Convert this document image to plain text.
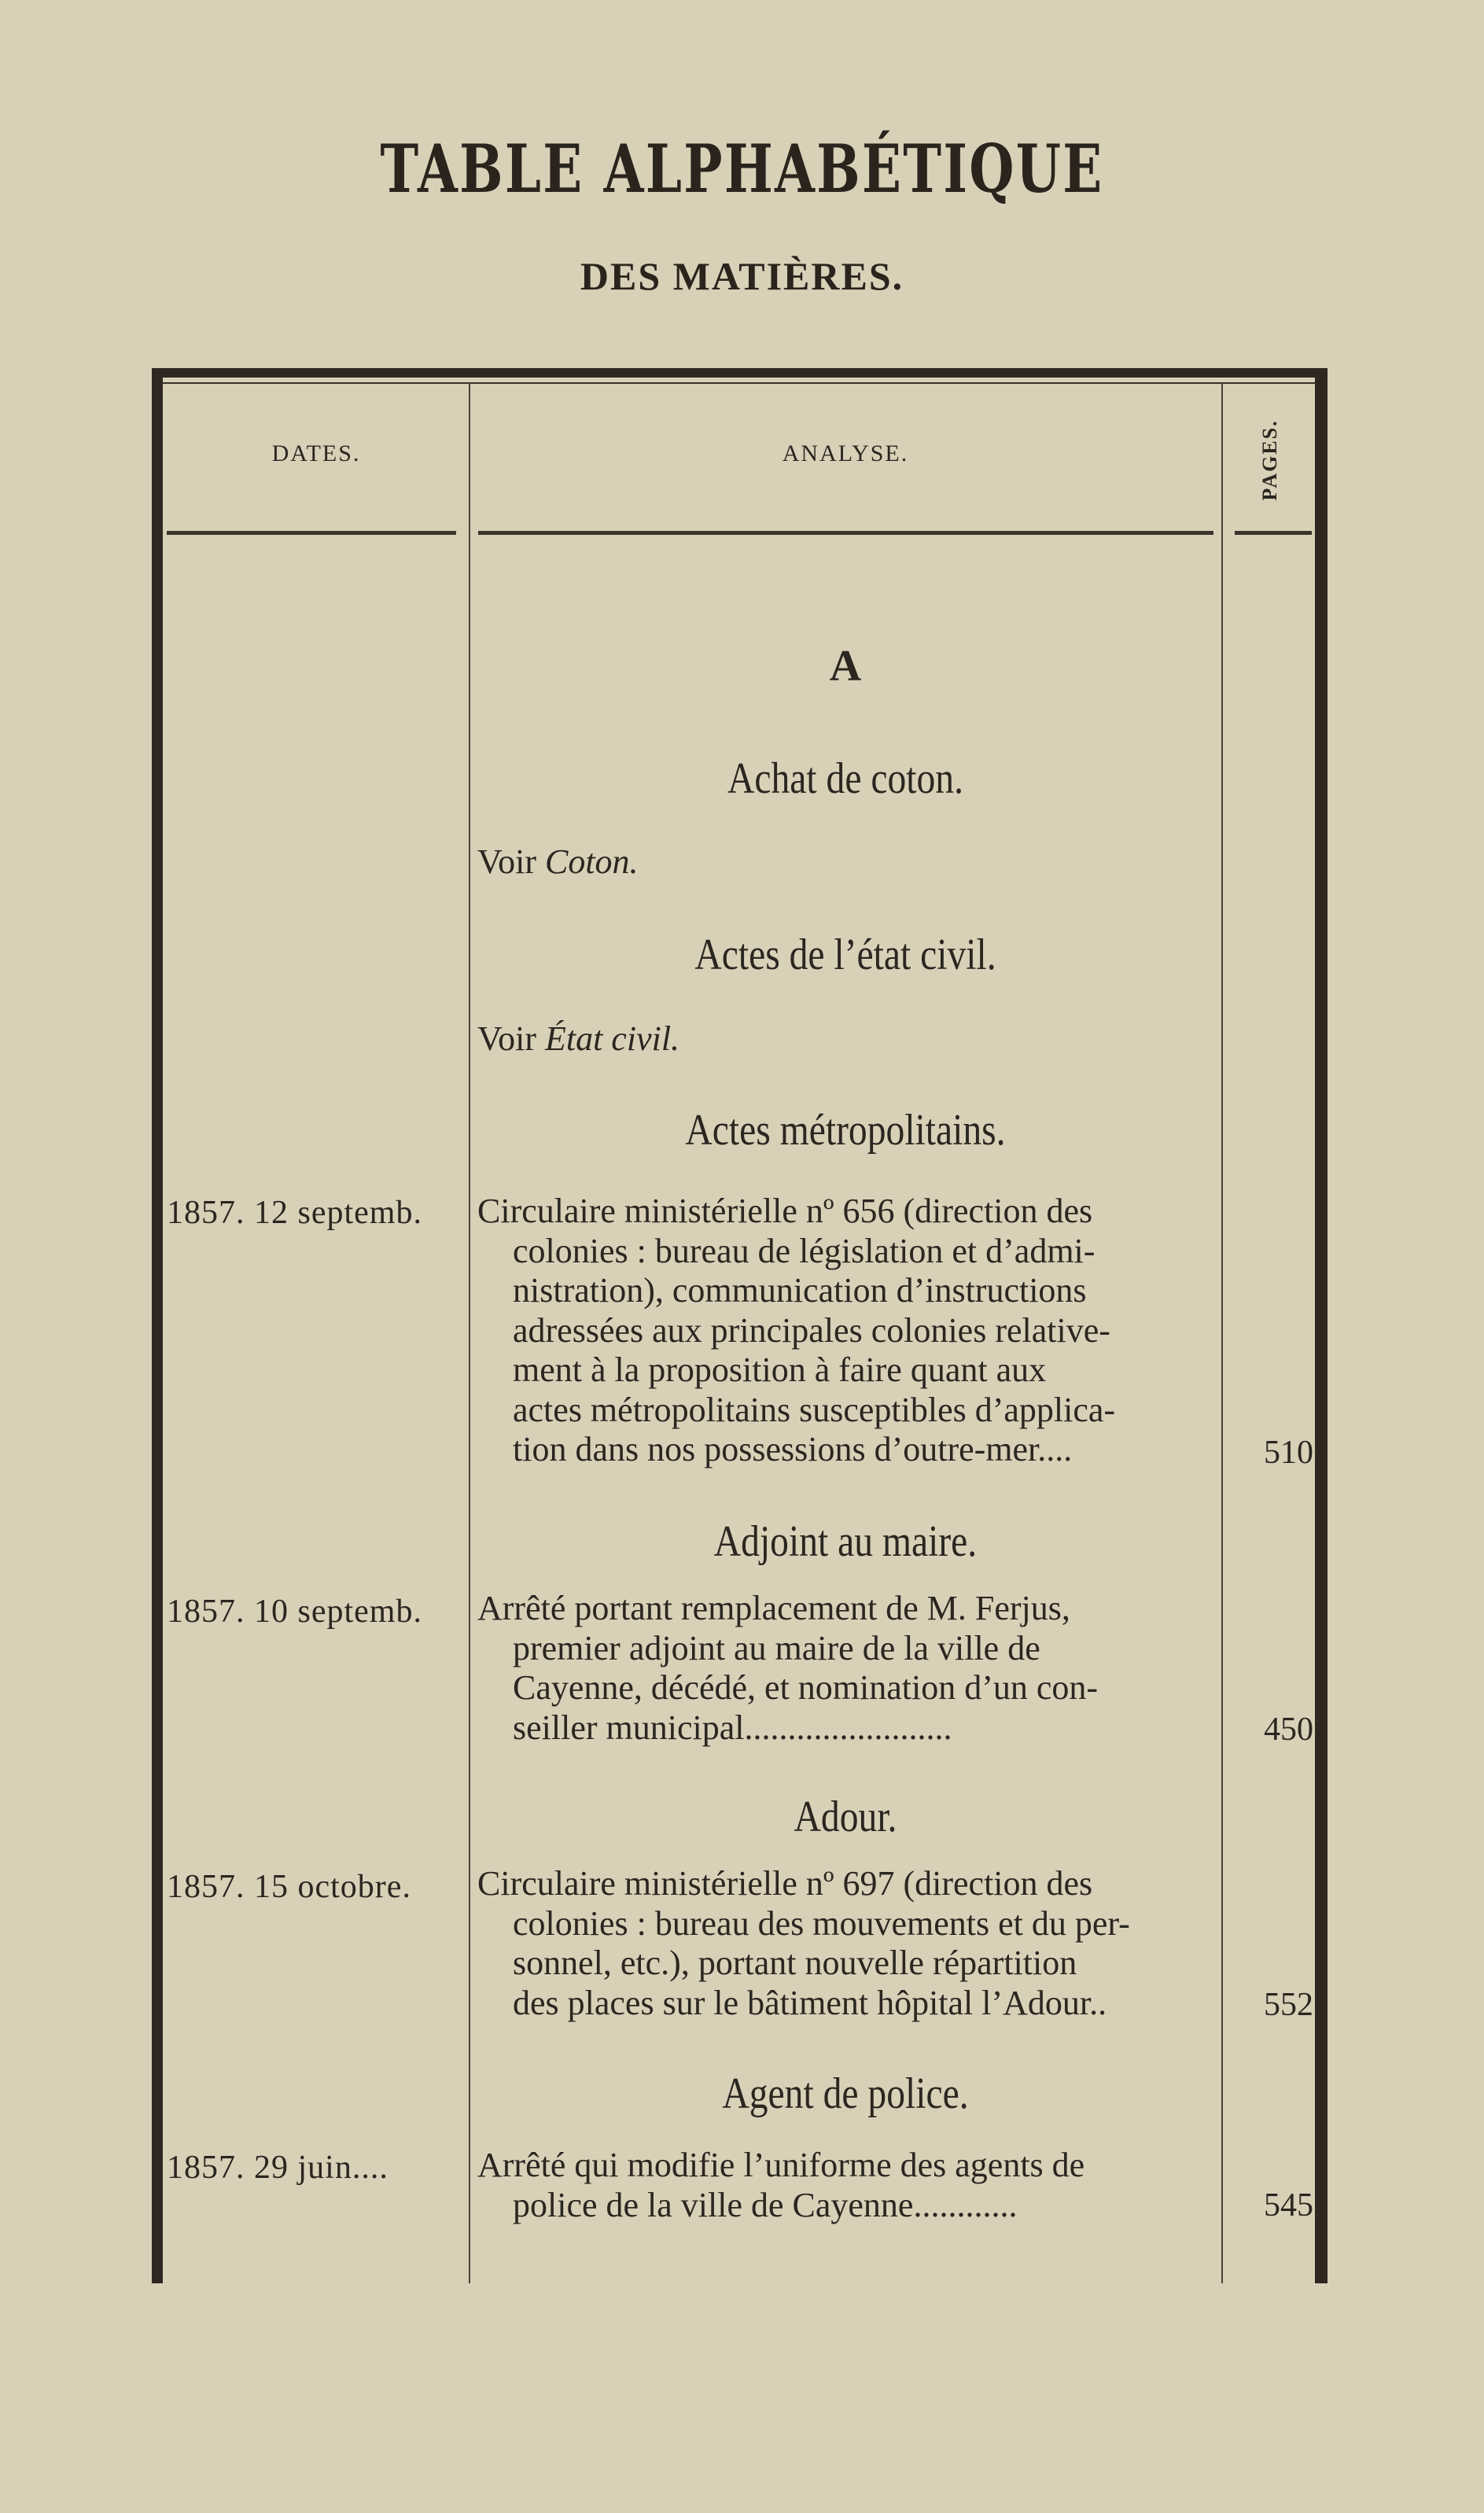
TABLE ALPHABÉTIQUE
DES MATIÈRES.
DATES.	ANALYSE.	PAGES.
A
Achat de coton.
Voir Coton.
Actes de l’état civil.
Voir État civil.
Actes métropolitains.
1857. 12 septemb.	Circulaire ministérielle nº 656 (direction des
colonies : bureau de législation et d’admi-
nistration), communication d’instructions
adressées aux principales colonies relative-
ment à la proposition à faire quant aux
actes métropolitains susceptibles d’applica-
tion dans nos possessions d’outre-mer....	510
Adjoint au maire.
1857. 10 septemb.	Arrêté portant remplacement de M. Ferjus,
premier adjoint au maire de la ville de
Cayenne, décédé, et nomination d’un con-
seiller municipal........................	450
Adour.
1857. 15 octobre.	Circulaire ministérielle nº 697 (direction des
colonies : bureau des mouvements et du per-
sonnel, etc.), portant nouvelle répartition
des places sur le bâtiment hôpital l’Adour..	552
Agent de police.
1857. 29 juin....	Arrêté qui modifie l’uniforme des agents de
police de la ville de Cayenne............	545
